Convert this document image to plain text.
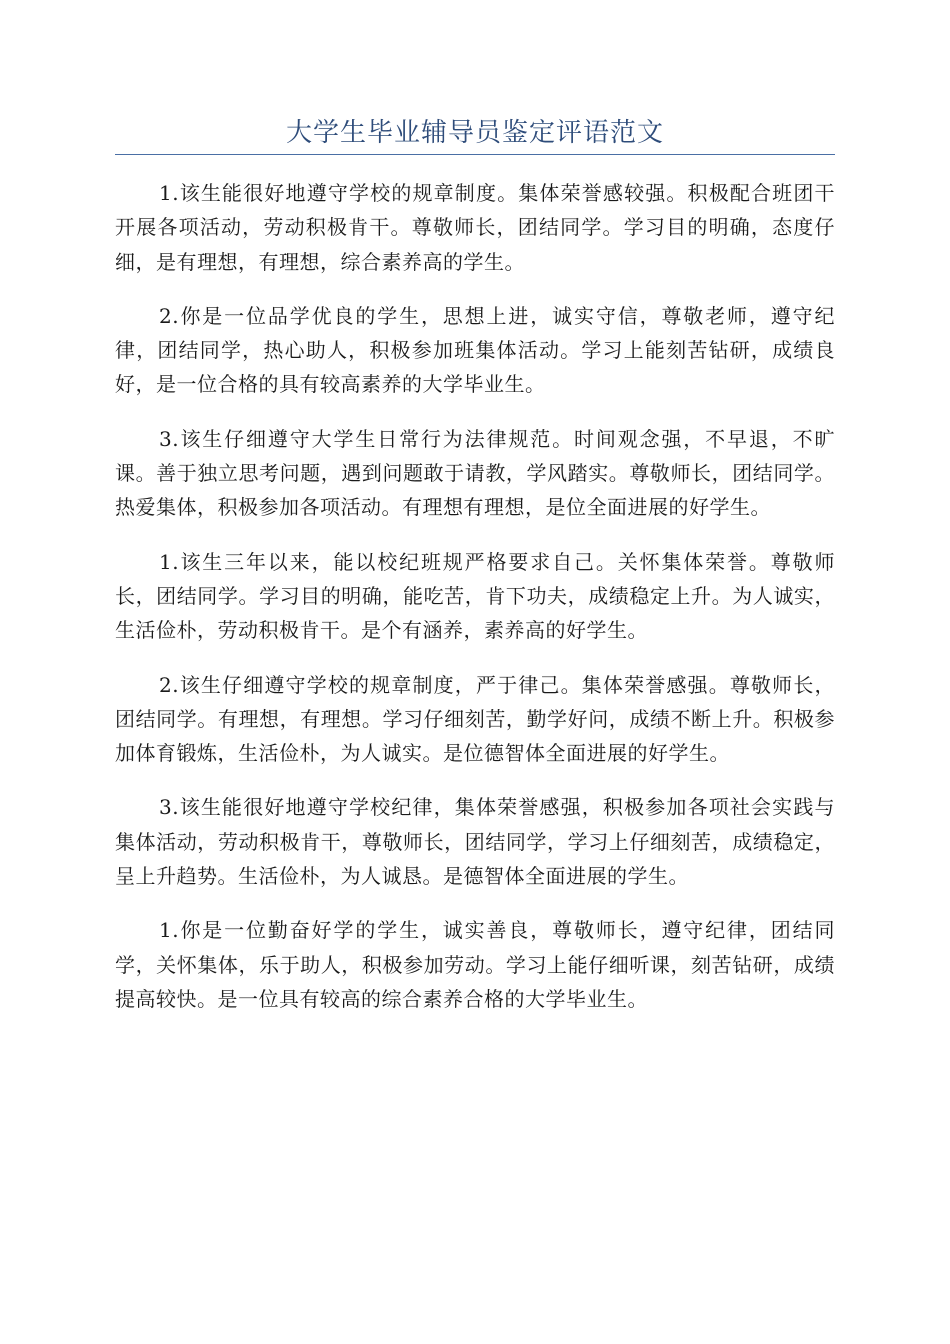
大学生毕业辅导员鉴定评语范文

1.该生能很好地遵守学校的规章制度。集体荣誉感较强。积极配合班团干开展各项活动，劳动积极肯干。尊敬师长，团结同学。学习目的明确，态度仔细，是有理想，有理想，综合素养高的学生。

2.你是一位品学优良的学生，思想上进，诚实守信，尊敬老师，遵守纪律，团结同学，热心助人，积极参加班集体活动。学习上能刻苦钻研，成绩良好，是一位合格的具有较高素养的大学毕业生。

3.该生仔细遵守大学生日常行为法律规范。时间观念强，不早退，不旷课。善于独立思考问题，遇到问题敢于请教，学风踏实。尊敬师长，团结同学。热爱集体，积极参加各项活动。有理想有理想，是位全面进展的好学生。

1.该生三年以来，能以校纪班规严格要求自己。关怀集体荣誉。尊敬师长，团结同学。学习目的明确，能吃苦，肯下功夫，成绩稳定上升。为人诚实，生活俭朴，劳动积极肯干。是个有涵养，素养高的好学生。

2.该生仔细遵守学校的规章制度，严于律己。集体荣誉感强。尊敬师长，团结同学。有理想，有理想。学习仔细刻苦，勤学好问，成绩不断上升。积极参加体育锻炼，生活俭朴，为人诚实。是位德智体全面进展的好学生。

3.该生能很好地遵守学校纪律，集体荣誉感强，积极参加各项社会实践与集体活动，劳动积极肯干，尊敬师长，团结同学，学习上仔细刻苦，成绩稳定，呈上升趋势。生活俭朴，为人诚恳。是德智体全面进展的学生。

1.你是一位勤奋好学的学生，诚实善良，尊敬师长，遵守纪律，团结同学，关怀集体，乐于助人，积极参加劳动。学习上能仔细听课，刻苦钻研，成绩提高较快。是一位具有较高的综合素养合格的大学毕业生。
